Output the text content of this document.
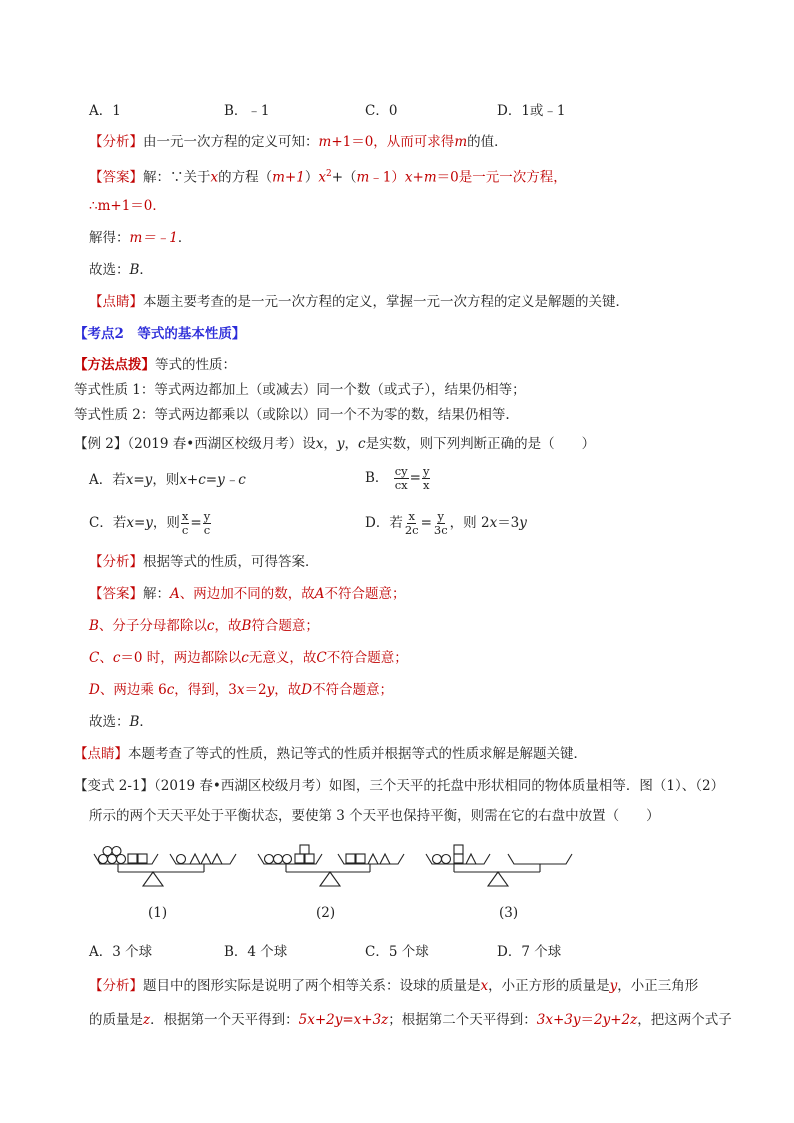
A．1	B．﹣1	C．0	D．1或﹣1
【分析】由一元一次方程的定义可知：m+1＝0，从而可求得m的值．
【答案】解：∵关于x的方程$(m+1)x^2+(m﹣1)x+m=0$是一元一次方程，
∴m+1＝0．
解得：m＝﹣1．
故选：B．
【点睛】本题主要考查的是一元一次方程的定义，掌握一元一次方程的定义是解题的关键．
【考点2　等式的基本性质】
【方法点拨】等式的性质：
等式性质 1：等式两边都加上（或减去）同一个数（或式子），结果仍相等；
等式性质 2：等式两边都乘以（或除以）同一个不为零的数，结果仍相等.
【例 2】（2019 春•西湖区校级月考）设x，y，c是实数，则下列判断正确的是（　　）
A．若x=y，则x+c=y﹣c	B． $\frac{cy}{cx} = \frac{y}{x}$
C．若x=y，则 $\frac{x}{c} = \frac{y}{c}$	D．若 $\frac{x}{2c} = \frac{y}{3c}$ ，则 2x＝3y
【分析】根据等式的性质，可得答案．
【答案】解：A、两边加不同的数，故A不符合题意；
B、分子分母都除以c，故B符合题意；
C、c＝0 时，两边都除以c无意义，故C不符合题意；
D、两边乘 6c，得到，3x＝2y，故D不符合题意；
故选：B．
【点睛】本题考查了等式的性质，熟记等式的性质并根据等式的性质求解是解题关键．
【变式 2-1】（2019 春•西湖区校级月考）如图，三个天平的托盘中形状相同的物体质量相等．图（1）、（2）
所示的两个天天平处于平衡状态，要使第 3 个天平也保持平衡，则需在它的右盘中放置（　　）
(1)	(2)	(3)
A．3 个球	B．4 个球	C．5 个球	D．7 个球
【分析】题目中的图形实际是说明了两个相等关系：设球的质量是x，小正方形的质量是y，小正三角形
的质量是z．根据第一个天平得到：5x+2y=x+3z；根据第二个天平得到：3x+3y＝2y+2z，把这两个式子
